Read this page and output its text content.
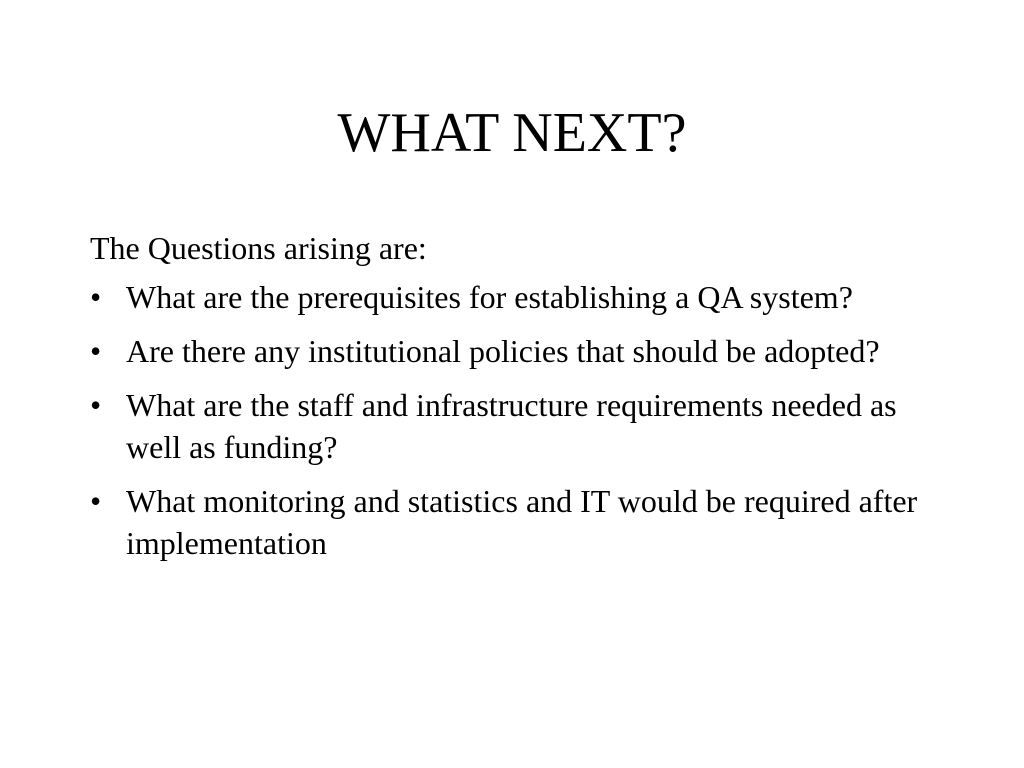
WHAT NEXT?

The Questions arising are:

• What are the prerequisites for establishing a QA system?
• Are there any institutional policies that should be adopted?
• What are the staff and infrastructure requirements needed as well as funding?
• What monitoring and statistics and IT would be required after implementation
